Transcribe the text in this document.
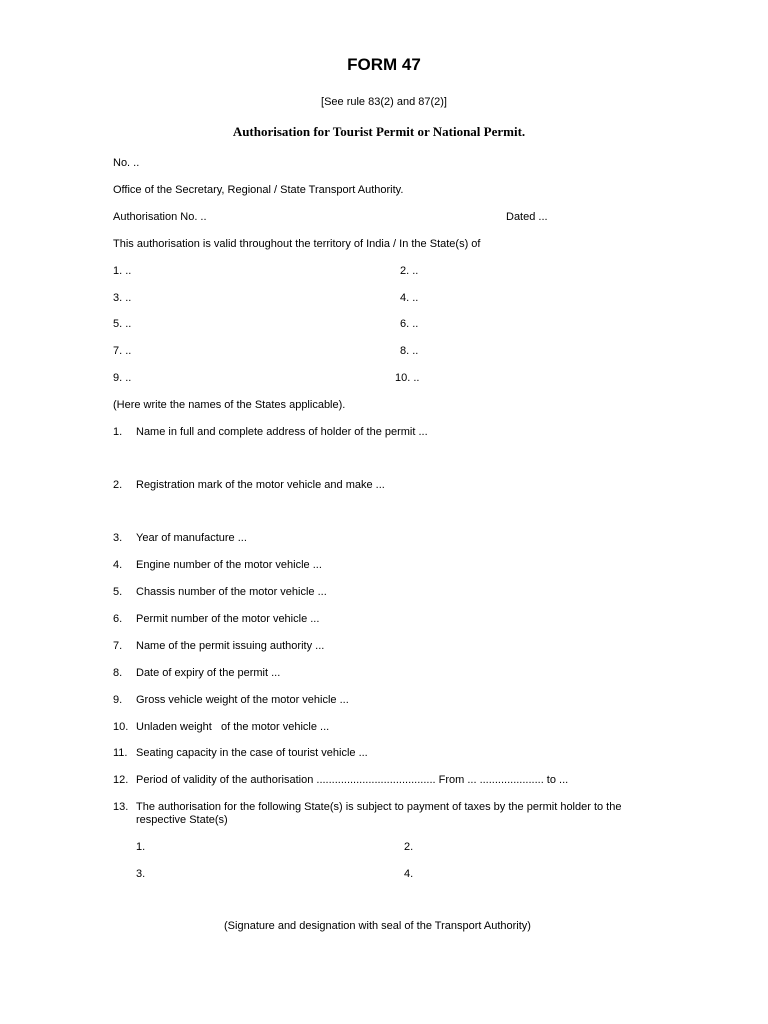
FORM 47
[See rule 83(2) and 87(2)]
Authorisation for Tourist Permit or National Permit.
No. ..
Office of the Secretary, Regional / State Transport Authority.
Authorisation No. ..	Dated ...
This authorisation is valid throughout the territory of India / In the State(s) of
1. ..	2. ..
3. ..	4. ..
5. ..	6. ..
7. ..	8. ..
9. ..	10. ..
(Here write the names of the States applicable).
1. Name in full and complete address of holder of the permit ...
2. Registration mark of the motor vehicle and make ...
3. Year of manufacture ...
4. Engine number of the motor vehicle ...
5. Chassis number of the motor vehicle ...
6. Permit number of the motor vehicle ...
7. Name of the permit issuing authority ...
8. Date of expiry of the permit ...
9. Gross vehicle weight of the motor vehicle ...
10. Unladen weight   of the motor vehicle ...
11. Seating capacity in the case of tourist vehicle ...
12. Period of validity of the authorisation ....................................... From ... ..................... to ...
13. The authorisation for the following State(s) is subject to payment of taxes by the permit holder to the
respective State(s)
1.	2.
3.	4.
(Signature and designation with seal of the Transport Authority)
